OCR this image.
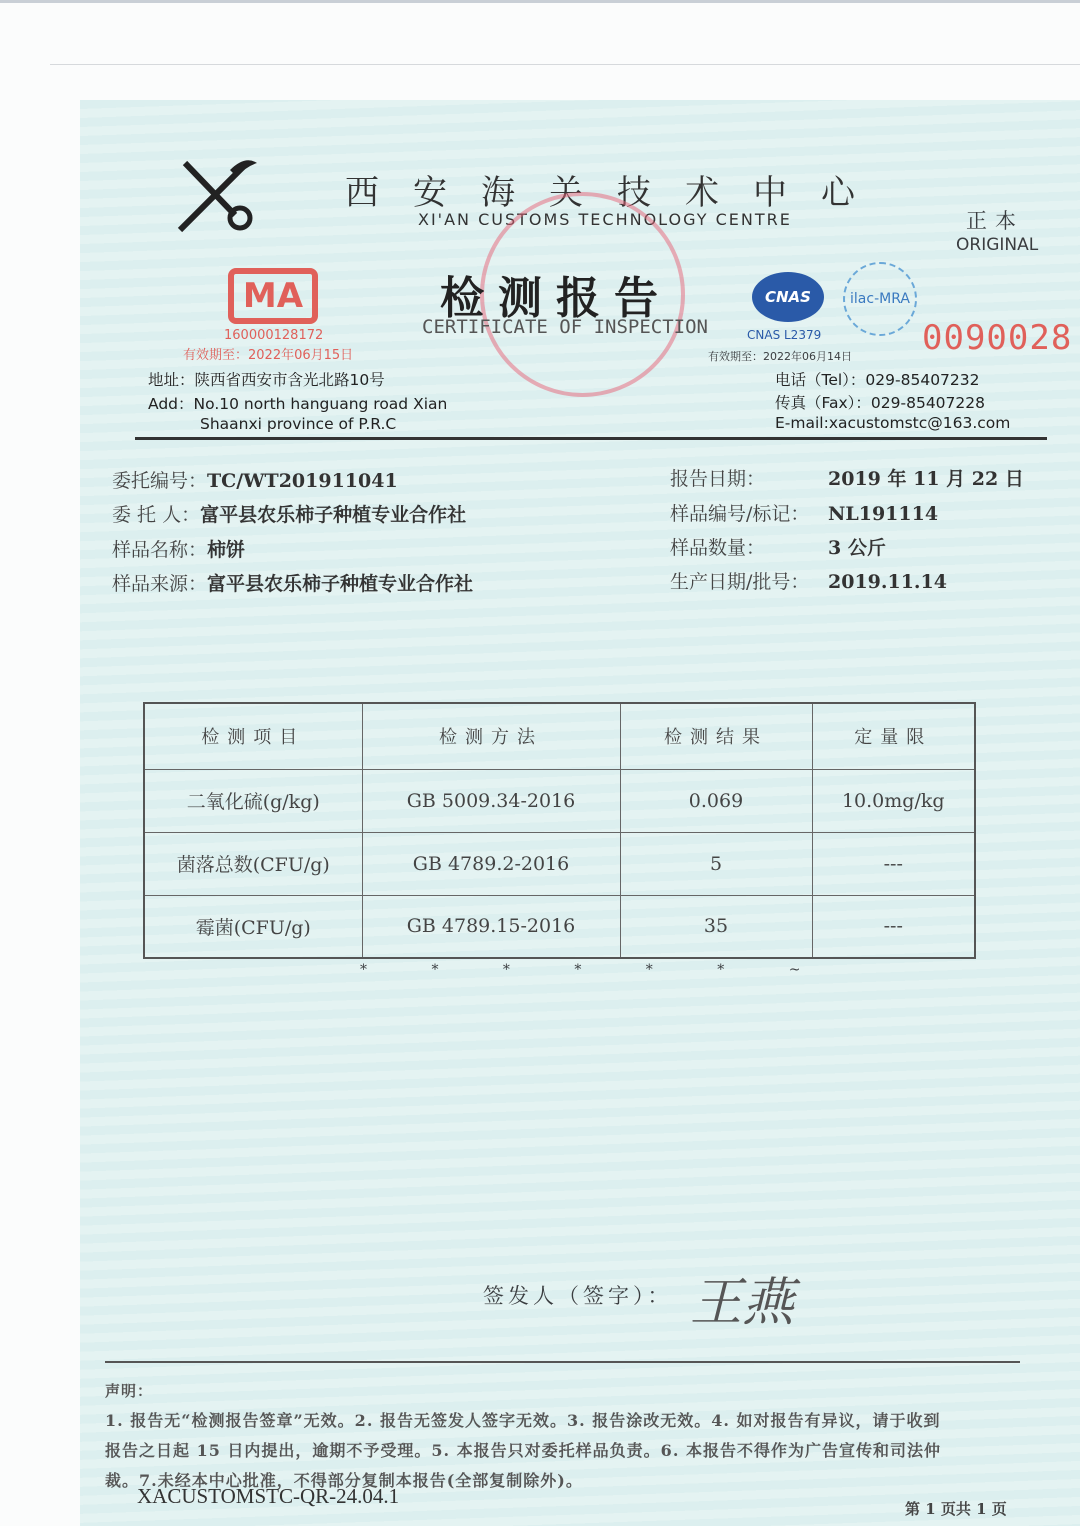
西安海关技术中心
XI'AN CUSTOMS TECHNOLOGY CENTRE
检测报告
CERTIFICATE OF INSPECTION
正本
ORIGINAL
MA
160000128172
有效期至：2022年06月15日
CNAS
CNAS L2379
ilac-MRA
有效期至：2022年06月14日 0090028
地址：陕西省西安市含光北路10号
Add：No.10 north hanguang road Xian
Shaanxi province of P.R.C
电话（Tel）：029-85407232
传真（Fax）：029-85407228
E-mail:xacustomstc@163.com
委托编号：TC/WT201911041
委 托 人：富平县农乐柿子种植专业合作社
样品名称：柿饼
样品来源：富平县农乐柿子种植专业合作社
报告日期：	2019 年 11 月 22 日
样品编号/标记： NL191114
样品数量：	3 公斤
生产日期/批号： 2019.11.14
检测项目	检测方法	检测结果	定量限
二氧化硫(g/kg)	GB 5009.34-2016	0.069	10.0mg/kg
菌落总数(CFU/g)	GB 4789.2-2016	5	---
霉菌(CFU/g)	GB 4789.15-2016	35	---
* * * * * * ~
签发人（签字）： 王燕
声明：
1. 报告无“检测报告签章”无效。2. 报告无签发人签字无效。3. 报告涂改无效。4. 如对报告有异议，请于收到
报告之日起 15 日内提出，逾期不予受理。5. 本报告只对委托样品负责。6. 本报告不得作为广告宣传和司法仲
裁。7.未经本中心批准，不得部分复制本报告(全部复制除外)。
XACUSTOMSTC-QR-24.04.1
第 1 页共 1 页
